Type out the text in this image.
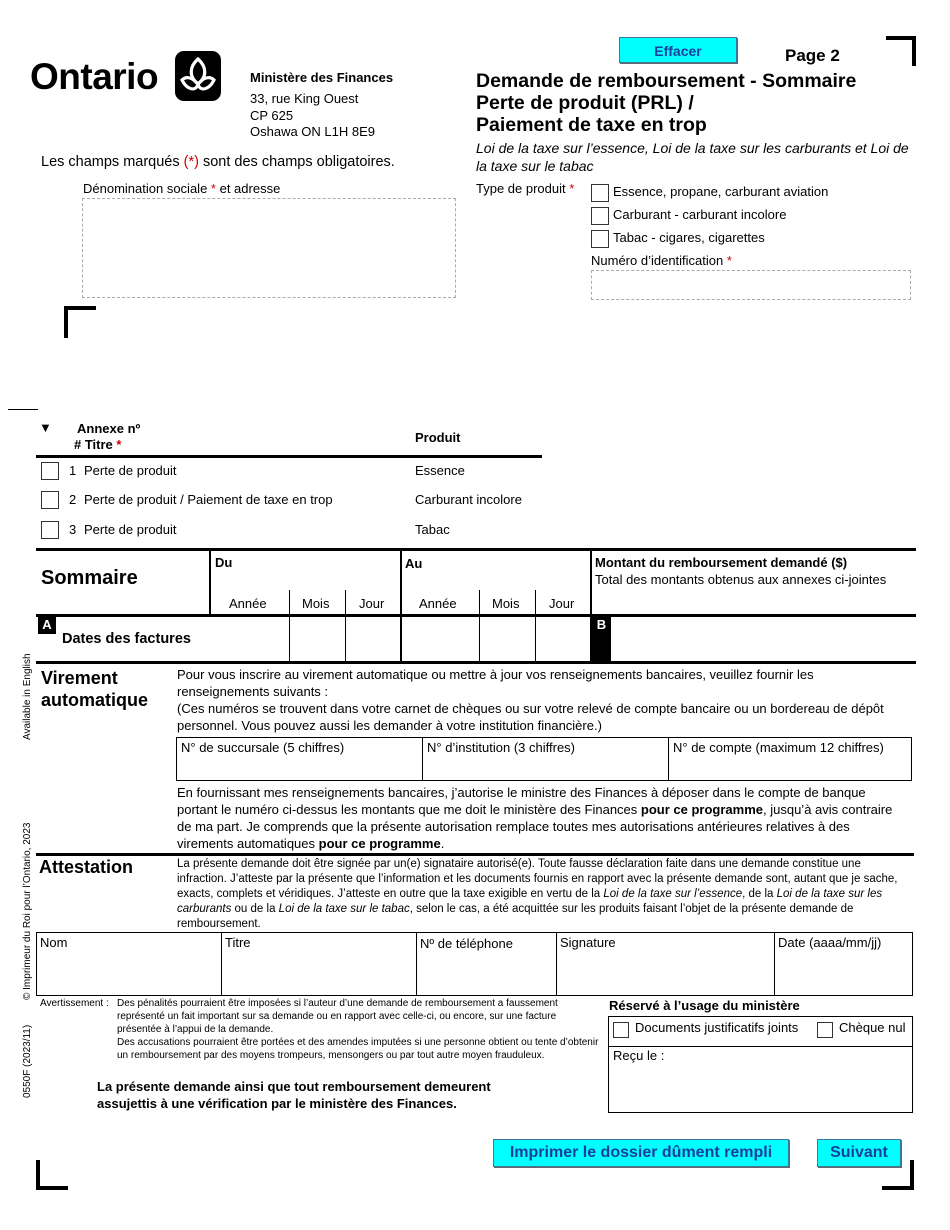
Ontario	Ministère des Finances
33, rue King Ouest
CP 625
Oshawa ON L1H 8E9
Effacer	Page 2
Demande de remboursement - Sommaire
Perte de produit (PRL) /
Paiement de taxe en trop
Loi de la taxe sur l’essence, Loi de la taxe sur les carburants et Loi de la taxe sur le tabac
Les champs marqués (*) sont des champs obligatoires.
Dénomination sociale * et adresse	Type de produit *	Essence, propane, carburant aviation
Carburant - carburant incolore
Tabac - cigares, cigarettes
Numéro d’identification *
▼ Annexe nº
# Titre *	Produit
1 Perte de produit	Essence
2 Perte de produit / Paiement de taxe en trop	Carburant incolore
3 Perte de produit	Tabac
Sommaire
Du	Au	Montant du remboursement demandé ($)
Total des montants obtenus aux annexes ci-jointes
Année	Mois Jour	Année	Mois Jour
A
Dates des factures
B
Virement
automatique
Pour vous inscrire au virement automatique ou mettre à jour vos renseignements bancaires, veuillez fournir les renseignements suivants :
(Ces numéros se trouvent dans votre carnet de chèques ou sur votre relevé de compte bancaire ou un bordereau de dépôt personnel. Vous pouvez aussi les demander à votre institution financière.)
N° de succursale (5 chiffres)	N° d’institution (3 chiffres)	N° de compte (maximum 12 chiffres)
En fournissant mes renseignements bancaires, j’autorise le ministre des Finances à déposer dans le compte de banque portant le numéro ci-dessus les montants que me doit le ministère des Finances pour ce programme, jusqu’à avis contraire de ma part. Je comprends que la présente autorisation remplace toutes mes autorisations antérieures relatives à des virements automatiques pour ce programme.
Attestation	La présente demande doit être signée par un(e) signataire autorisé(e). Toute fausse déclaration faite dans une demande constitue une infraction. J’atteste par la présente que l’information et les documents fournis en rapport avec la présente demande sont, autant que je sache, exacts, complets et véridiques. J’atteste en outre que la taxe exigible en vertu de la Loi de la taxe sur l’essence, de la Loi de la taxe sur les carburants ou de la Loi de la taxe sur le tabac, selon le cas, a été acquittée sur les produits faisant l’objet de la présente demande de remboursement.
Nom	Titre	Nº de téléphone	Signature	Date (aaaa/mm/jj)
Avertissement : Des pénalités pourraient être imposées si l’auteur d’une demande de remboursement a faussement représenté un fait important sur sa demande ou en rapport avec celle-ci, ou encore, sur une facture présentée à l’appui de la demande.
Des accusations pourraient être portées et des amendes imputées si une personne obtient ou tente d’obtenir un remboursement par des moyens trompeurs, mensongers ou par tout autre moyen frauduleux.
La présente demande ainsi que tout remboursement demeurent assujettis à une vérification par le ministère des Finances.
Réservé à l’usage du ministère
Documents justificatifs joints	Chèque nul
Reçu le :
Available in English
© Imprimeur du Roi pour l’Ontario, 2023
0550F (2023/11)
Imprimer le dossier dûment rempli	Suivant
